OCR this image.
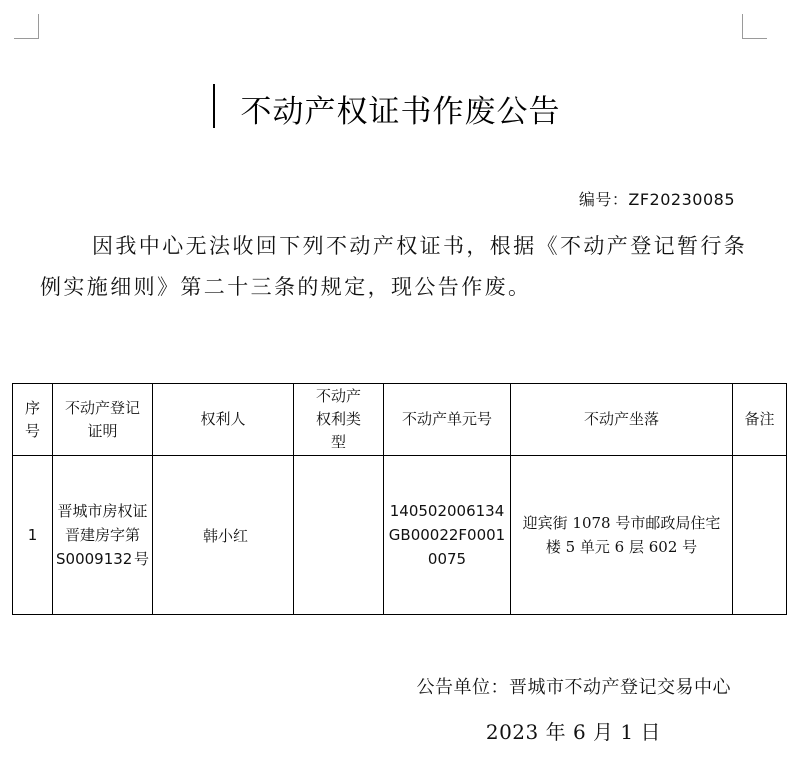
不动产权证书作废公告
编号：ZF20230085
因我中心无法收回下列不动产权证书，根据《不动产登记暂行条例实施细则》第二十三条的规定，现公告作废。
序号	不动产登记证明	权利人	不动产权利类型	不动产单元号	不动产坐落	备注
1	晋城市房权证晋建房字第S0009132号	韩小红		140502006134GB00022F00010075	迎宾街 1078 号市邮政局住宅楼 5 单元 6 层 602 号	
公告单位：晋城市不动产登记交易中心
2023 年 6 月 1 日
